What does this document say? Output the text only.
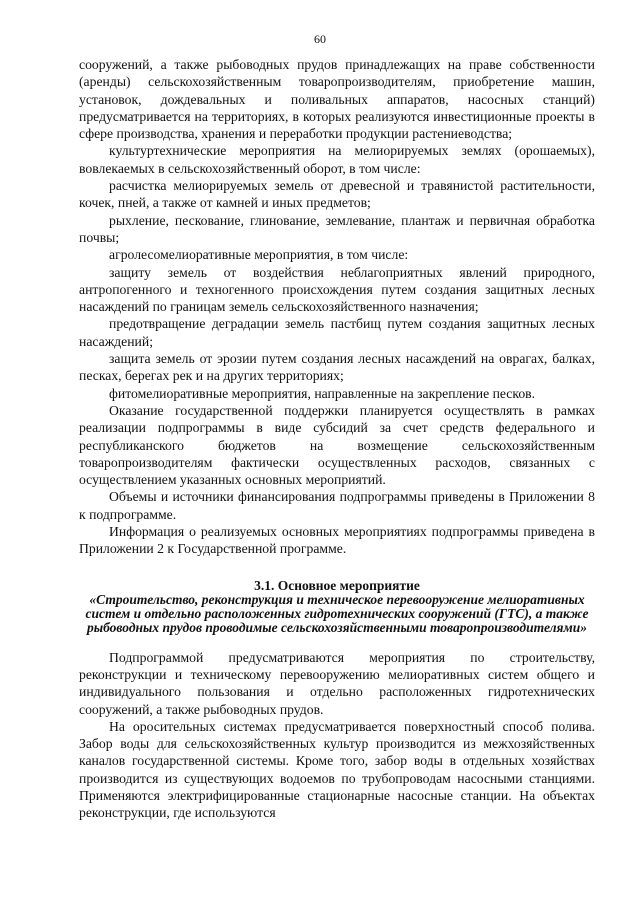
60

сооружений, а также рыбоводных прудов принадлежащих на праве собственности (аренды) сельскохозяйственным товаропроизводителям, приобретение машин, установок, дождевальных и поливальных аппаратов, насосных станций) предусматривается на территориях, в которых реализуются инвестиционные проекты в сфере производства, хранения и переработки продукции растениеводства;

культуртехнические мероприятия на мелиорируемых землях (орошаемых), вовлекаемых в сельскохозяйственный оборот, в том числе:

расчистка мелиорируемых земель от древесной и травянистой растительности, кочек, пней, а также от камней и иных предметов;

рыхление, пескование, глинование, землевание, плантаж и первичная обработка почвы;

агролесомелиоративные мероприятия, в том числе:

защиту земель от воздействия неблагоприятных явлений природного, антропогенного и техногенного происхождения путем создания защитных лесных насаждений по границам земель сельскохозяйственного назначения;

предотвращение деградации земель пастбищ путем создания защитных лесных насаждений;

защита земель от эрозии путем создания лесных насаждений на оврагах, балках, песках, берегах рек и на других территориях;

фитомелиоративные мероприятия, направленные на закрепление песков.

Оказание государственной поддержки планируется осуществлять в рамках реализации подпрограммы в виде субсидий за счет средств федерального и республиканского бюджетов на возмещение сельскохозяйственным товаропроизводителям фактически осуществленных расходов, связанных с осуществлением указанных основных мероприятий.

Объемы и источники финансирования подпрограммы приведены в Приложении 8 к подпрограмме.

Информация о реализуемых основных мероприятиях подпрограммы приведена в Приложении 2 к Государственной программе.

3.1. Основное мероприятие
«Строительство, реконструкция и техническое перевооружение мелиоративных систем и отдельно расположенных гидротехнических сооружений (ГТС), а также рыбоводных прудов проводимые сельскохозяйственными товаропроизводителями»

Подпрограммой предусматриваются мероприятия по строительству, реконструкции и техническому перевооружению мелиоративных систем общего и индивидуального пользования и отдельно расположенных гидротехнических сооружений, а также рыбоводных прудов.

На оросительных системах предусматривается поверхностный способ полива. Забор воды для сельскохозяйственных культур производится из межхозяйственных каналов государственной системы. Кроме того, забор воды в отдельных хозяйствах производится из существующих водоемов по трубопроводам насосными станциями. Применяются электрифицированные стационарные насосные станции. На объектах реконструкции, где используются
